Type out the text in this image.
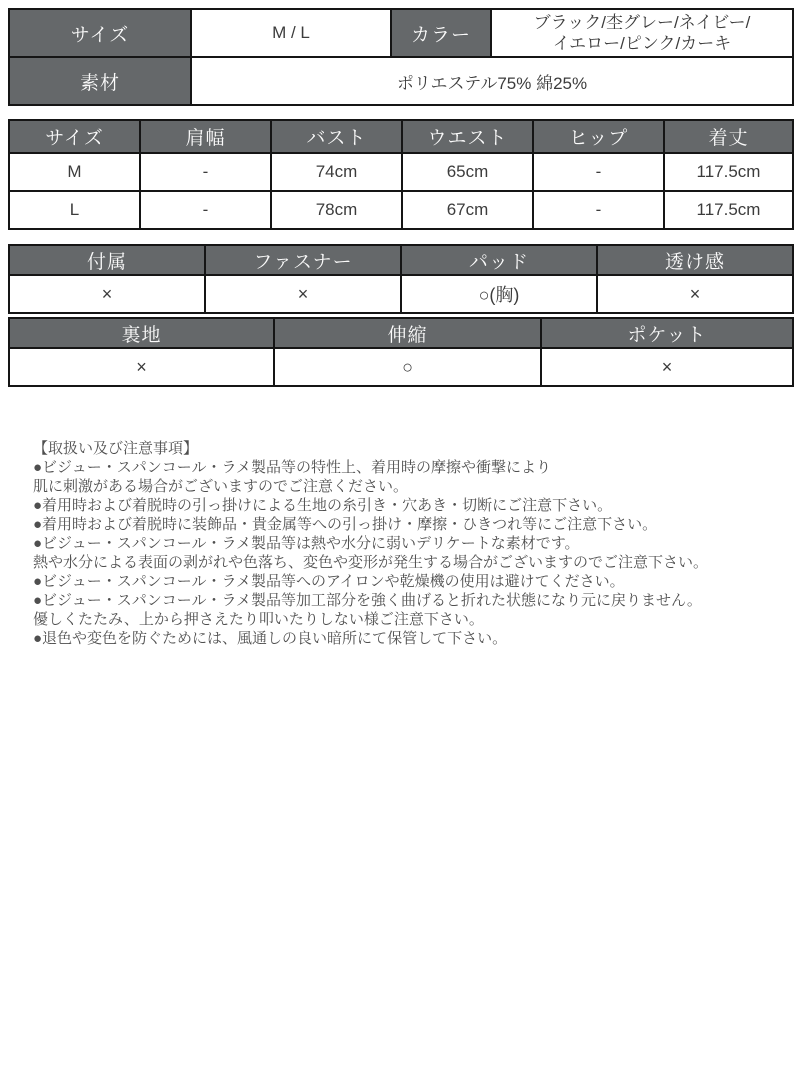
サイズ	M / L	カラー	ブラック/杢グレー/ネイビー/
イエロー/ピンク/カーキ

素材	ポリエステル75% 綿25%		
サイズ	肩幅	バスト	ウエスト	ヒップ	着丈
M	-	74cm	65cm	-	117.5cm
L	-	78cm	67cm	-	117.5cm
付属	ファスナー	パッド	透け感
×	×	○(胸)	×
裏地	伸縮	ポケット
×	○	×
【取扱い及び注意事項】
●ビジュー・スパンコール・ラメ製品等の特性上、着用時の摩擦や衝撃により
肌に刺激がある場合がございますのでご注意ください。
●着用時および着脱時の引っ掛けによる生地の糸引き・穴あき・切断にご注意下さい。
●着用時および着脱時に装飾品・貴金属等への引っ掛け・摩擦・ひきつれ等にご注意下さい。
●ビジュー・スパンコール・ラメ製品等は熱や水分に弱いデリケートな素材です。
熱や水分による表面の剥がれや色落ち、変色や変形が発生する場合がございますのでご注意下さい。
●ビジュー・スパンコール・ラメ製品等へのアイロンや乾燥機の使用は避けてください。
●ビジュー・スパンコール・ラメ製品等加工部分を強く曲げると折れた状態になり元に戻りません。
優しくたたみ、上から押さえたり叩いたりしない様ご注意下さい。
●退色や変色を防ぐためには、風通しの良い暗所にて保管して下さい。
